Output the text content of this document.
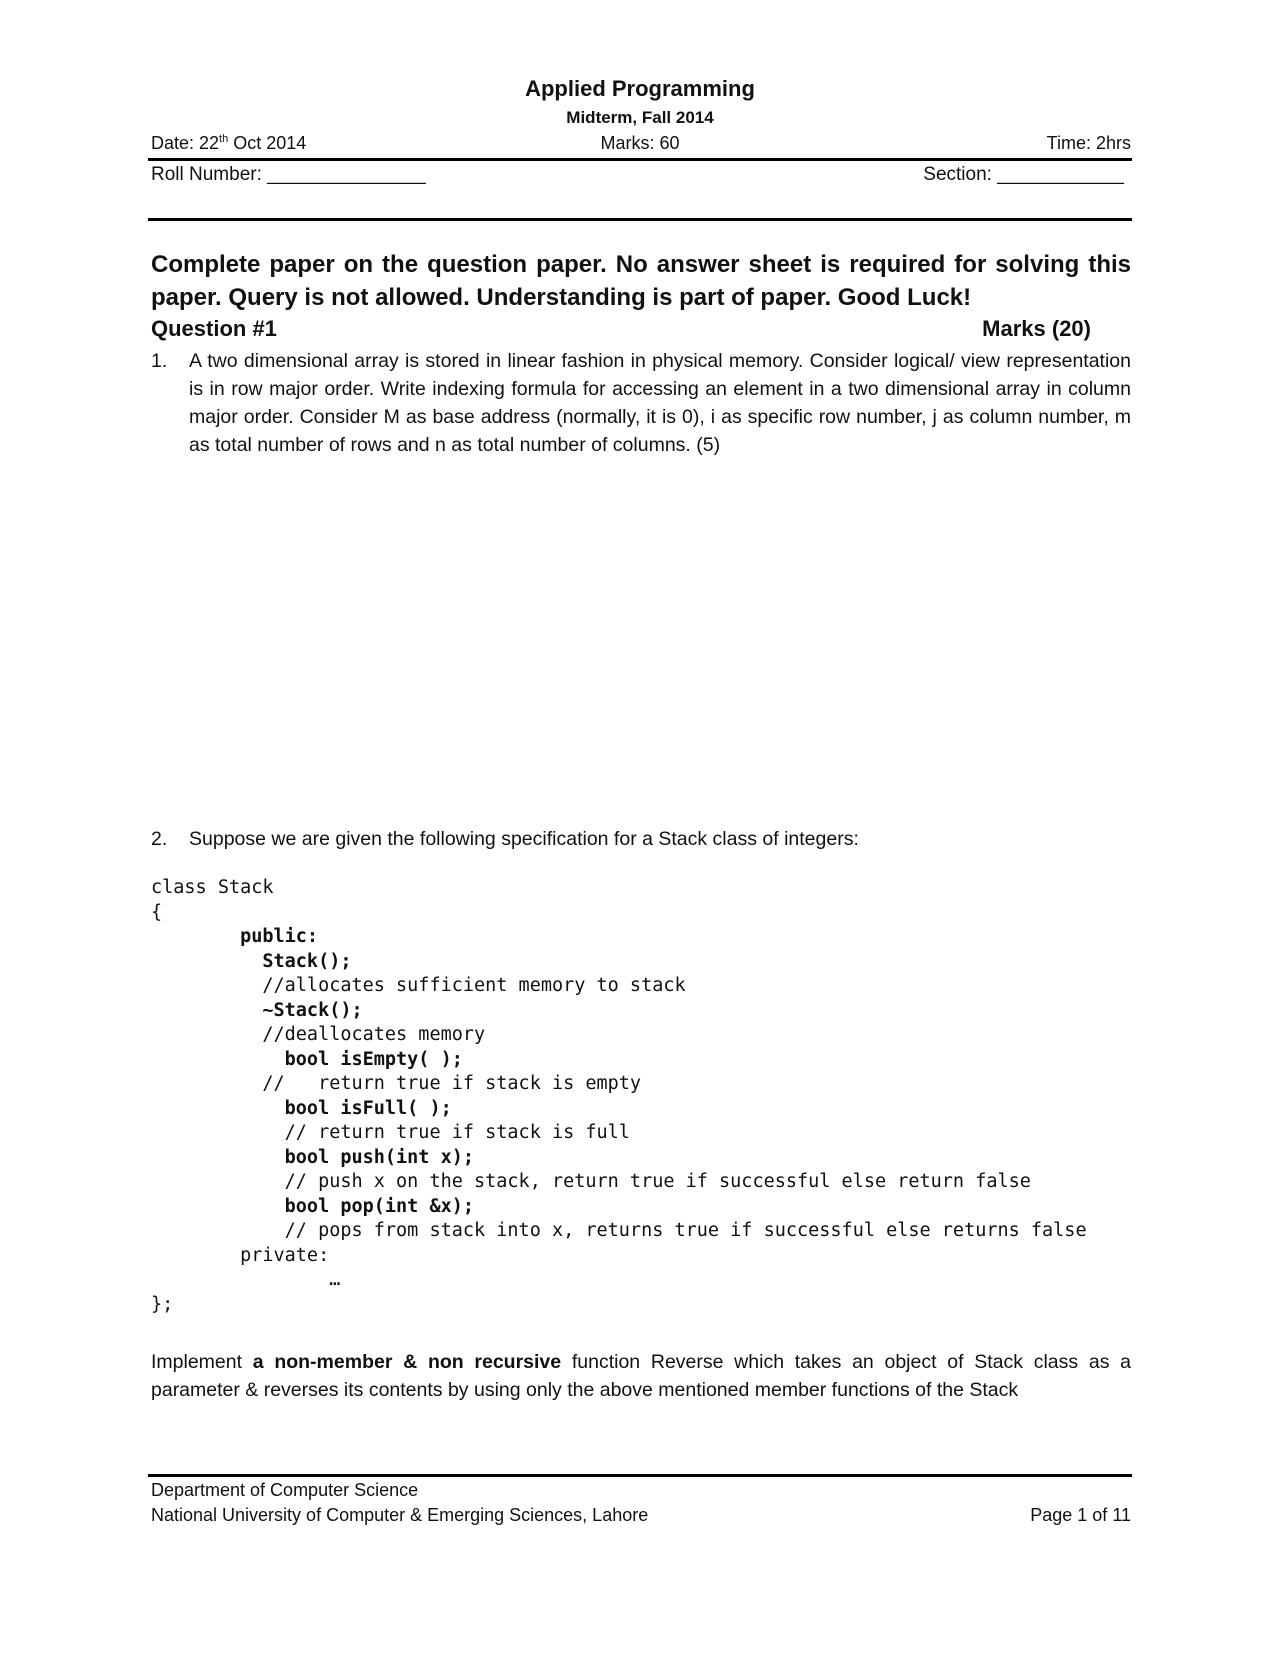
Applied Programming
Midterm, Fall 2014
Date: 22th Oct 2014	Marks: 60	Time: 2hrs
Roll Number: _______________	Section: ____________
Complete paper on the question paper. No answer sheet is required for solving this paper. Query is not allowed. Understanding is part of paper. Good Luck!
Question #1	Marks (20)
1.	A two dimensional array is stored in linear fashion in physical memory. Consider logical/ view representation is in row major order. Write indexing formula for accessing an element in a two dimensional array in column major order. Consider M as base address (normally, it is 0), i as specific row number, j as column number, m as total number of rows and n as total number of columns. (5)
2.	Suppose we are given the following specification for a Stack class of integers:
class Stack
{
public:
Stack();
//allocates sufficient memory to stack
~Stack();
//deallocates memory
bool isEmpty( );
//   return true if stack is empty
bool isFull( );
// return true if stack is full
bool push(int x);
// push x on the stack, return true if successful else return false
bool pop(int &x);
// pops from stack into x, returns true if successful else returns false
private:
…
};
Implement a non-member & non recursive function Reverse which takes an object of Stack class as a parameter & reverses its contents by using only the above mentioned member functions of the Stack
Department of Computer Science
National University of Computer & Emerging Sciences, Lahore	Page 1 of 11
